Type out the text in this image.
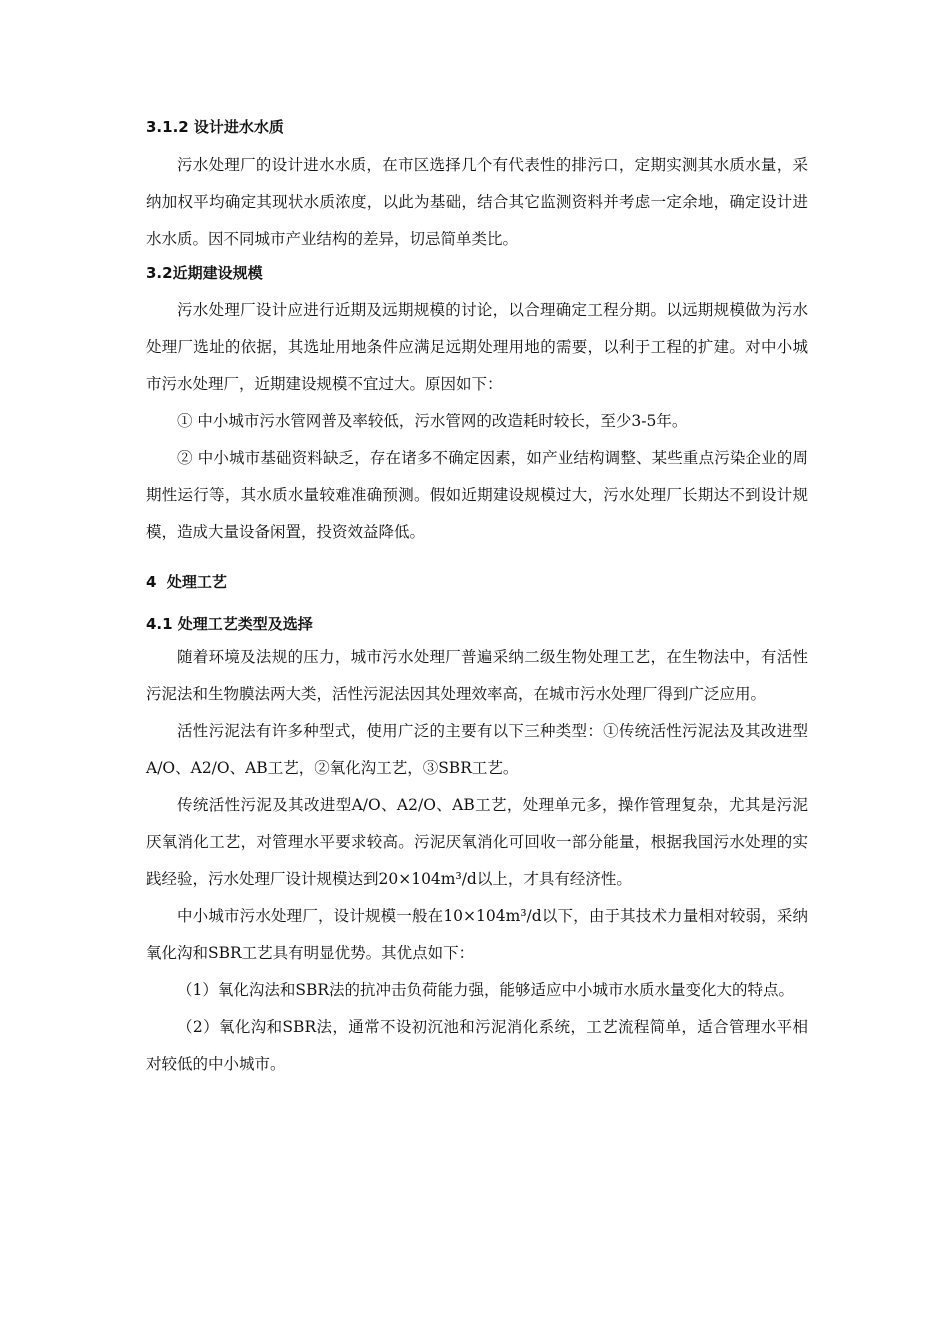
3.1.2 设计进水水质

污水处理厂的设计进水水质，在市区选择几个有代表性的排污口，定期实测其水质水量，采纳加权平均确定其现状水质浓度，以此为基础，结合其它监测资料并考虑一定余地，确定设计进水水质。因不同城市产业结构的差异，切忌简单类比。

3.2近期建设规模

污水处理厂设计应进行近期及远期规模的讨论，以合理确定工程分期。以远期规模做为污水处理厂选址的依据，其选址用地条件应满足远期处理用地的需要，以利于工程的扩建。对中小城市污水处理厂，近期建设规模不宜过大。原因如下：

① 中小城市污水管网普及率较低，污水管网的改造耗时较长，至少3-5年。

② 中小城市基础资料缺乏，存在诸多不确定因素，如产业结构调整、某些重点污染企业的周期性运行等，其水质水量较难准确预测。假如近期建设规模过大，污水处理厂长期达不到设计规模，造成大量设备闲置，投资效益降低。

4  处理工艺
4.1 处理工艺类型及选择

随着环境及法规的压力，城市污水处理厂普遍采纳二级生物处理工艺，在生物法中，有活性污泥法和生物膜法两大类，活性污泥法因其处理效率高，在城市污水处理厂得到广泛应用。

活性污泥法有许多种型式，使用广泛的主要有以下三种类型：①传统活性污泥法及其改进型A/O、A2/O、AB工艺，②氧化沟工艺，③SBR工艺。

传统活性污泥及其改进型A/O、A2/O、AB工艺，处理单元多，操作管理复杂，尤其是污泥厌氧消化工艺，对管理水平要求较高。污泥厌氧消化可回收一部分能量，根据我国污水处理的实践经验，污水处理厂设计规模达到20×104m³/d以上，才具有经济性。

中小城市污水处理厂，设计规模一般在10×104m³/d以下，由于其技术力量相对较弱，采纳氧化沟和SBR工艺具有明显优势。其优点如下：

（1）氧化沟法和SBR法的抗冲击负荷能力强，能够适应中小城市水质水量变化大的特点。

（2）氧化沟和SBR法，通常不设初沉池和污泥消化系统，工艺流程简单，适合管理水平相对较低的中小城市。
